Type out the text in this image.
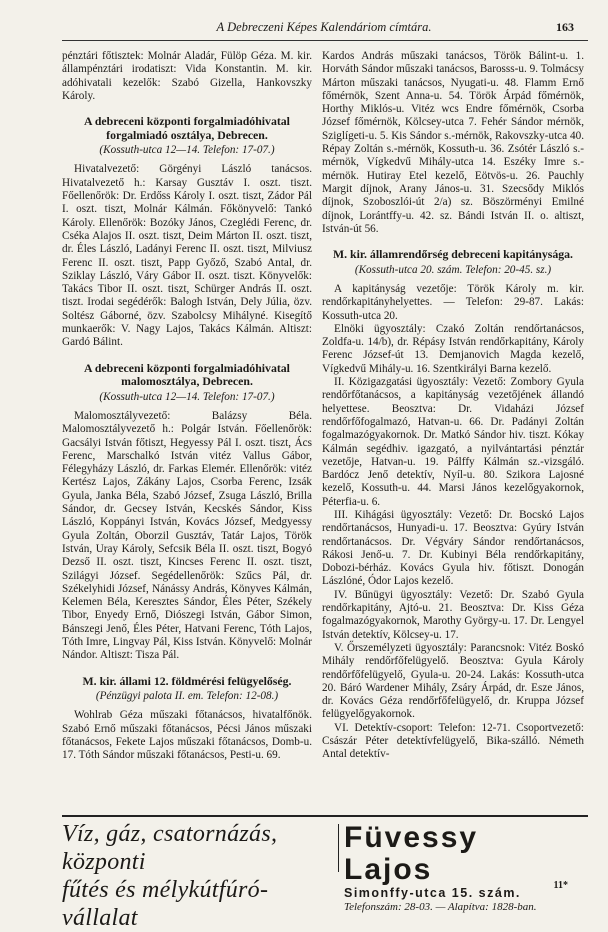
A Debreczeni Képes Kalendáriom címtára.	163

pénztári főtisztek: Molnár Aladár, Fülöp Géza. M. kir. állampénztári irodatiszt: Vida Konstantin. M. kir. adóhivatali kezelők: Szabó Gizella, Hankovszky Károly.

A debreceni központi forgalmiadóhivatal forgalmiadó osztálya, Debrecen.
(Kossuth-utca 12—14. Telefon: 17-07.)

Hivatalvezető: Görgényi László tanácsos. Hivatalvezető h.: Karsay Gusztáv I. oszt. tiszt. Főellenőrök: Dr. Erdőss Károly I. oszt. tiszt, Zádor Pál I. oszt. tiszt, Molnár Kálmán. Főkönyvelő: Tankó Károly. Ellenőrök: Bozóky János, Czeglédi Ferenc, dr. Cséka Alajos II. oszt. tiszt, Deim Márton II. oszt. tiszt, dr. Éles László, Ladányi Ferenc II. oszt. tiszt, Milviusz Ferenc II. oszt. tiszt, Papp Győző, Szabó Antal, dr. Sziklay László, Váry Gábor II. oszt. tiszt. Könyvelők: Takács Tibor II. oszt. tiszt, Schürger András II. oszt. tiszt. Irodai segédérők: Balogh István, Dely Júlia, özv. Soltész Gáborné, özv. Szabolcsy Mihályné. Kisegítő munkaerők: V. Nagy Lajos, Takács Kálmán. Altiszt: Gardó Bálint.

A debreceni központi forgalmiadóhivatal malomosztálya, Debrecen.
(Kossuth-utca 12—14. Telefon: 17-07.)

Malomosztályvezető: Balázsy Béla. Malomosztályvezető h.: Polgár István. Főellenőrök: Gacsályi István főtiszt, Hegyessy Pál I. oszt. tiszt, Ács Ferenc, Marschalkó István vitéz Vallus Gábor, Félegyházy László, dr. Farkas Elemér. Ellenőrök: vitéz Kertész Lajos, Zákány Lajos, Csorba Ferenc, Izsák Gyula, Janka Béla, Szabó József, Zsuga László, Brilla Sándor, dr. Gecsey István, Kecskés Sándor, Kiss László, Koppányi István, Kovács József, Medgyessy Gyula Zoltán, Oborzil Gusztáv, Tatár Lajos, Török István, Uray Károly, Sefcsik Béla II. oszt. tiszt, Bogyó Dezső II. oszt. tiszt, Kincses Ferenc II. oszt. tiszt, Szilágyi József. Segédellenőrök: Szűcs Pál, dr. Székelyhidi József, Nánássy András, Könyves Kálmán, Kelemen Béla, Keresztes Sándor, Éles Péter, Székely Tibor, Enyedy Ernő, Diószegi István, Gábor Simon, Bánszegi Jenő, Éles Péter, Hatvani Ferenc, Tóth Lajos, Tóth Imre, Lingvay Pál, Kiss István. Könyvelő: Molnár Nándor. Altiszt: Tisza Pál.

M. kir. állami 12. földmérési felügyelőség.
(Pénzügyi palota II. em. Telefon: 12-08.)

Wohlrab Géza műszaki főtanácsos, hivatalfőnök. Szabó Ernő műszaki főtanácsos, Pécsi János műszaki főtanácsos, Fekete Lajos műszaki főtanácsos, Domb-u. 17. Tóth Sándor műszaki főtanácsos, Pesti-u. 69.

Kardos András műszaki tanácsos, Török Bálint-u. 1. Horváth Sándor műszaki tanácsos, Barosss-u. 9. Tolmácsy Márton műszaki tanácsos, Nyugati-u. 48. Flamm Ernő főmérnök, Szent Anna-u. 54. Török Árpád főmérnök, Horthy Miklós-u. Vitéz wcs Endre főmérnök, Csorba József főmérnök, Kölcsey-utca 7. Fehér Sándor mérnök, Sziglígeti-u. 5. Kis Sándor s.-mérnök, Rakovszky-utca 40. Répay Zoltán s.-mérnök, Kossuth-u. 36. Zsótér László s.-mérnök, Vígkedvű Mihály-utca 14. Eszéky Imre s.-mérnök. Hutiray Etel kezelő, Eötvös-u. 26. Pauchly Margit díjnok, Arany János-u. 31. Szecsődy Miklós díjnok, Szoboszlói-út 2/a) sz. Böszörményi Emilné díjnok, Lorántffy-u. 42. sz. Bándi István II. o. altiszt, István-út 56.

M. kir. államrendőrség debreceni kapitánysága.
(Kossuth-utca 20. szám. Telefon: 20-45. sz.)

A kapitányság vezetője: Török Károly m. kir. rendőrkapitányhelyettes. — Telefon: 29-87. Lakás: Kossuth-utca 20.

Elnöki ügyosztály: Czakó Zoltán rendőrtanácsos, Zoldfa-u. 14/b), dr. Répásy István rendőrkapitány, Károly Ferenc József-út 13. Demjanovich Magda kezelő, Vígkedvű Mihály-u. 16. Szentkirályi Barna kezelő.

II. Közigazgatási ügyosztály: Vezető: Zombory Gyula rendőrfőtanácsos, a kapitányság vezetőjének állandó helyettese. Beosztva: Dr. Vidaházi József rendőrfőfogalmazó, Hatvan-u. 66. Dr. Padányi Zoltán fogalmazógyakornok. Dr. Matkó Sándor hiv. tiszt. Kókay Kálmán segédhiv. igazgató, a nyilvántartási pénztár vezetője, Hatvan-u. 19. Pálffy Kálmán sz.-vizsgáló. Bardócz Jenő detektív, Nyíl-u. 80. Szikora Lajosné kezelő, Kossuth-u. 44. Marsi János kezelőgyakornok, Péterfia-u. 6.

III. Kihágási ügyosztály: Vezető: Dr. Bocskó Lajos rendőrtanácsos, Hunyadi-u. 17. Beosztva: Gyúry István rendőrtanácsos. Dr. Végváry Sándor rendőrtanácsos, Rákosi Jenő-u. 7. Dr. Kubinyi Béla rendőrkapitány, Dobozi-bérház. Kovács Gyula hiv. főtiszt. Donogán Lászlóné, Ódor Lajos kezelő.

IV. Bűnügyi ügyosztály: Vezető: Dr. Szabó Gyula rendőrkapitány, Ajtó-u. 21. Beosztva: Dr. Kiss Géza fogalmazógyakornok, Marothy György-u. 17. Dr. Lengyel István detektív, Kölcsey-u. 17.

V. Őrszemélyzeti ügyosztály: Parancsnok: Vitéz Boskó Mihály rendőrfőfelügyelő. Beosztva: Gyula Károly rendőrfőfelügyelő, Gyula-u. 20-24. Lakás: Kossuth-utca 20. Báró Wardener Mihály, Zsáry Árpád, dr. Esze János, dr. Kovács Géza rendőrfőfelügyelő, dr. Kruppa József felügyelőgyakornok.

VI. Detektív-csoport: Telefon: 12-71. Csoportvezető: Császár Péter detektívfelügyelő, Bika-szálló. Németh Antal detektív-

Víz, gáz, csatornázás, központi
fűtés és mélykútfúró-vállalat
Füvessy Lajos
Simonffy-utca 15. szám.
Telefonszám: 28-03. — Alapítva: 1828-ban.
11*
